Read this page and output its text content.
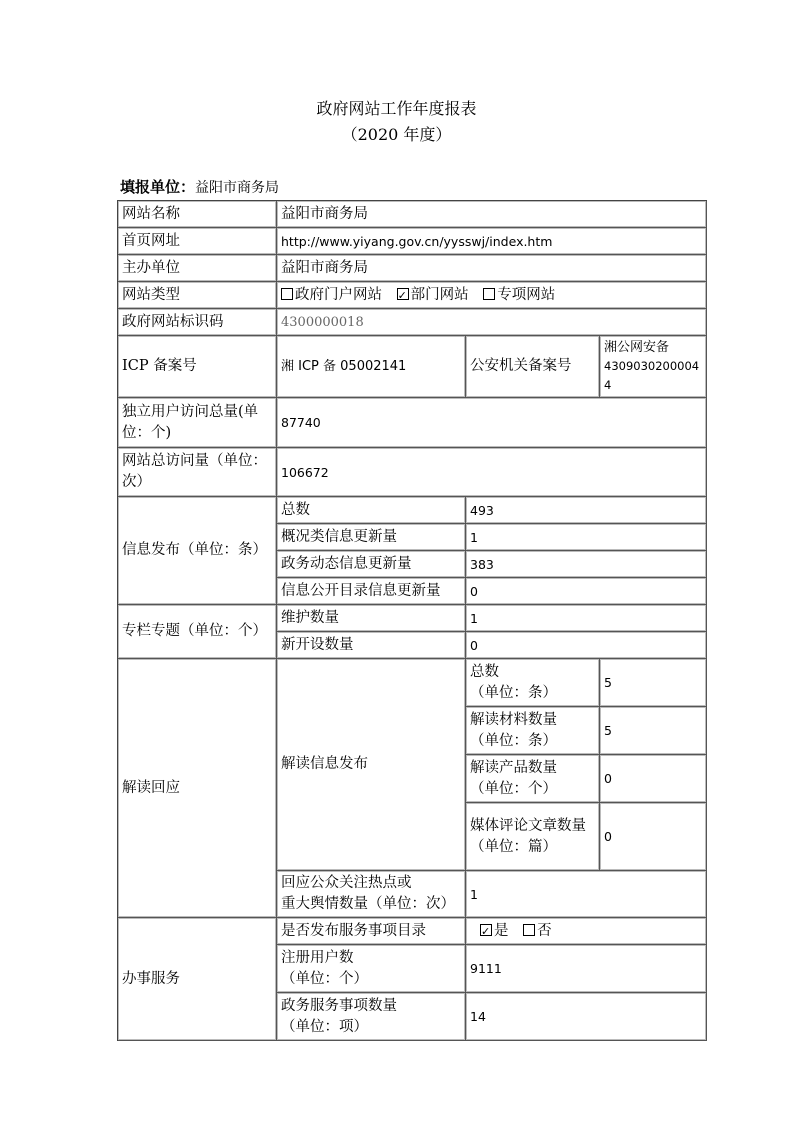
政府网站工作年度报表
（2020 年度）
填报单位：益阳市商务局
网站名称	益阳市商务局		
首页网址	http://www.yiyang.gov.cn/yysswj/index.htm		
主办单位	益阳市商务局		
网站类型	政府门户网站 ✓ 部门网站 专项网站
政府网站标识码	4300000018		
ICP 备案号	湘 ICP 备 05002141	公安机关备案号	湘公网安备
43090302000044

独立用户访问总量(单位：个)	87740		
网站总访问量（单位：次）	106672		
信息发布（单位：条）	总数	493	
	概况类信息更新量	1	
	政务动态信息更新量	383	
	信息公开目录信息更新量	0	
专栏专题（单位：个）	维护数量	1	
	新开设数量	0	
解读回应	解读信息发布	总数
（单位：条）	5

		解读材料数量
（单位：条）	5

		解读产品数量
（单位：个）	0

		媒体评论文章数量
（单位：篇）	0

	回应公众关注热点或
重大舆情数量（单位：次）	1	
办事服务	是否发布服务事项目录	✓是 否

	注册用户数
（单位：个）	9111	

	政务服务事项数量
（单位：项）	14	
